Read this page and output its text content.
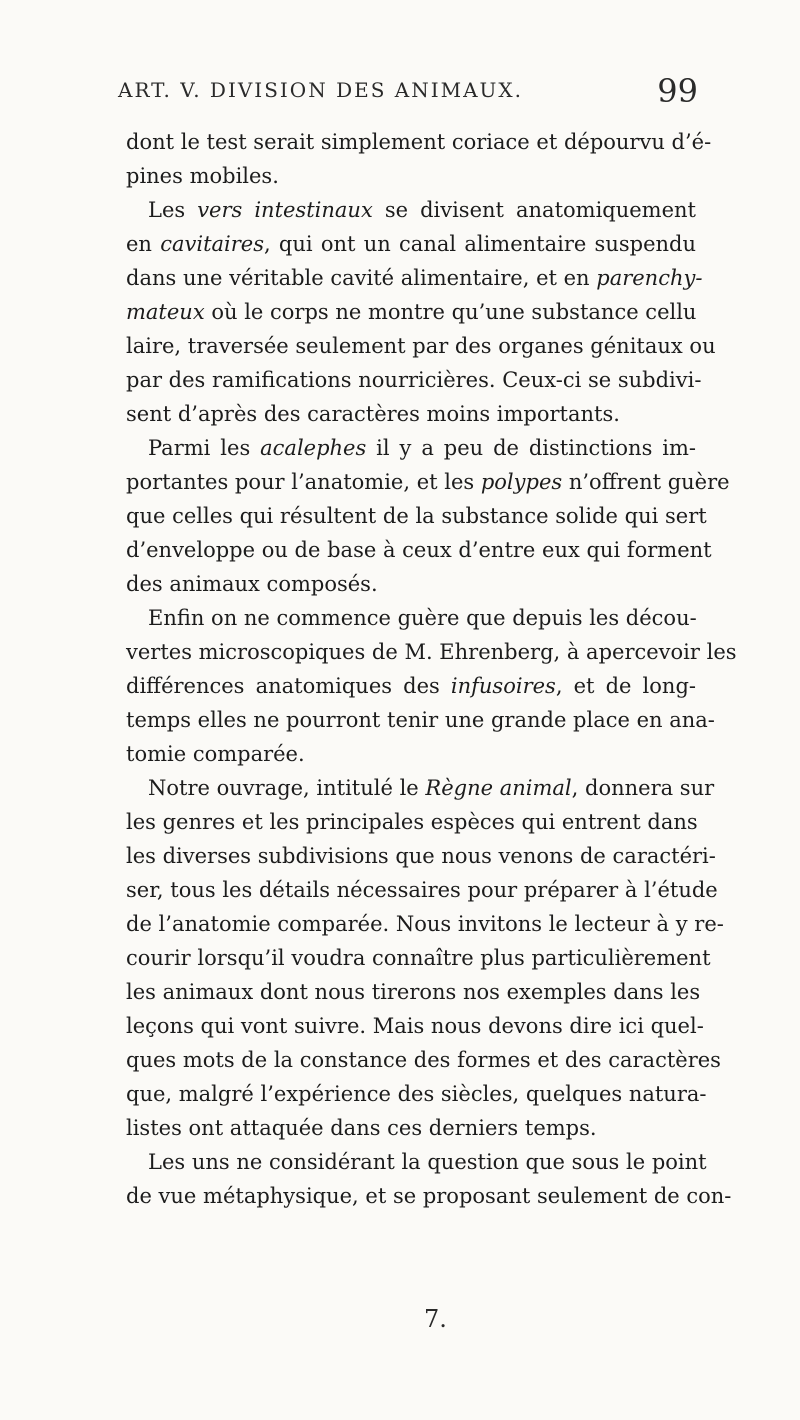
ART. V. DIVISION DES ANIMAUX.	99
dont le test serait simplement coriace et dépourvu d’é-
pines mobiles.
Les vers intestinaux se divisent anatomiquement
en cavitaires, qui ont un canal alimentaire suspendu
dans une véritable cavité alimentaire, et en parenchy-
mateux où le corps ne montre qu’une substance cellu
laire, traversée seulement par des organes génitaux ou
par des ramifications nourricières. Ceux-ci se subdivi-
sent d’après des caractères moins importants.
Parmi les acalephes il y a peu de distinctions im-
portantes pour l’anatomie, et les polypes n’offrent guère
que celles qui résultent de la substance solide qui sert
d’enveloppe ou de base à ceux d’entre eux qui forment
des animaux composés.
Enfin on ne commence guère que depuis les décou-
vertes microscopiques de M. Ehrenberg, à apercevoir les
différences anatomiques des infusoires, et de long-
temps elles ne pourront tenir une grande place en ana-
tomie comparée.
Notre ouvrage, intitulé le Règne animal, donnera sur
les genres et les principales espèces qui entrent dans
les diverses subdivisions que nous venons de caractéri-
ser, tous les détails nécessaires pour préparer à l’étude
de l’anatomie comparée. Nous invitons le lecteur à y re-
courir lorsqu’il voudra connaître plus particulièrement
les animaux dont nous tirerons nos exemples dans les
leçons qui vont suivre. Mais nous devons dire ici quel-
ques mots de la constance des formes et des caractères
que, malgré l’expérience des siècles, quelques natura-
listes ont attaquée dans ces derniers temps.
Les uns ne considérant la question que sous le point
de vue métaphysique, et se proposant seulement de con-
7.
